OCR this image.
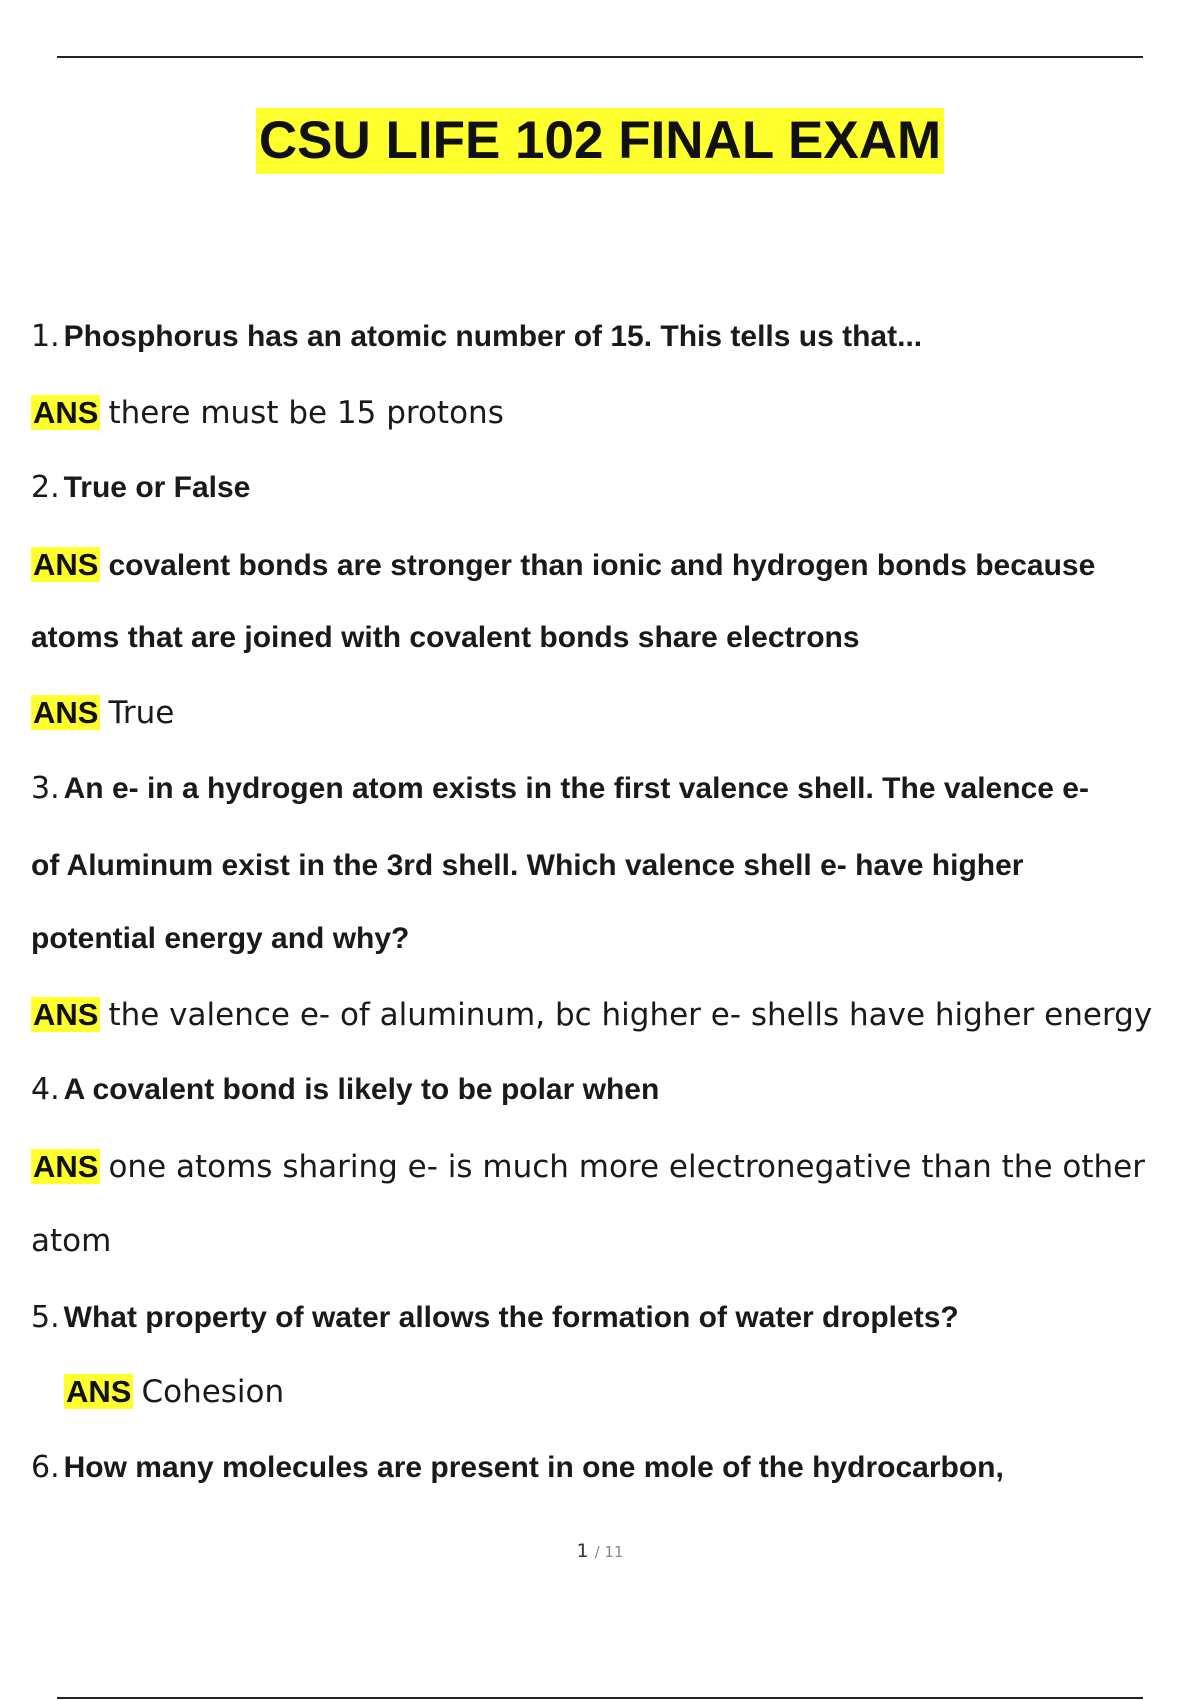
CSU LIFE 102 FINAL EXAM
1. Phosphorus has an atomic number of 15. This tells us that...
ANS there must be 15 protons
2. True or False
ANS covalent bonds are stronger than ionic and hydrogen bonds because
atoms that are joined with covalent bonds share electrons
ANS True
3. An e- in a hydrogen atom exists in the first valence shell. The valence e-
of Aluminum exist in the 3rd shell. Which valence shell e- have higher
potential energy and why?
ANS the valence e- of aluminum, bc higher e- shells have higher energy
4. A covalent bond is likely to be polar when
ANS one atoms sharing e- is much more electronegative than the other
atom
5. What property of water allows the formation of water droplets?
ANS Cohesion
6. How many molecules are present in one mole of the hydrocarbon,
1 / 11
